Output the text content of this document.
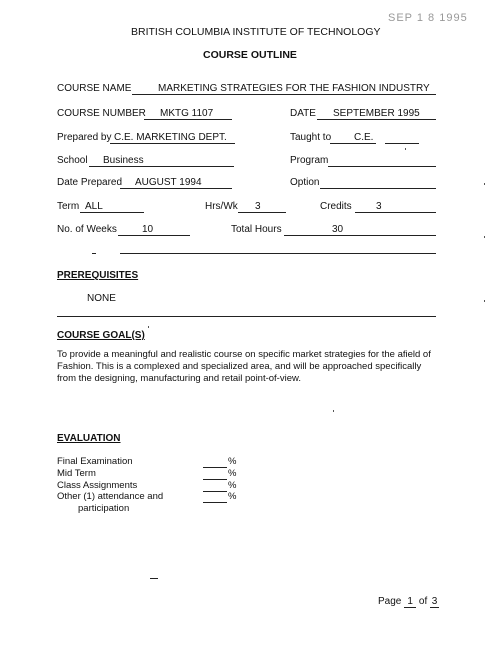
BRITISH COLUMBIA INSTITUTE OF TECHNOLOGY
SEP 1 8 1995
COURSE OUTLINE
COURSE NAME	MARKETING STRATEGIES FOR THE FASHION INDUSTRY
COURSE NUMBER	MKTG 1107	DATE	SEPTEMBER 1995
Prepared by C.E. MARKETING DEPT.	Taught to	C.E.
School	Business	Program
Date Prepared	AUGUST 1994	Option
Term ALL	Hrs/Wk	3	Credits	3
No. of Weeks	10	Total Hours	30
PREREQUISITES
NONE
COURSE GOAL(S)
To provide a meaningful and realistic course on specific market strategies for the afield of Fashion. This is a complexed and specialized area, and will be approached specifically from the designing, manufacturing and retail point-of-view.
EVALUATION
Final Examination	%
Mid Term	%
Class Assignments	%
Other (1) attendance and	%
participation
Page 1 of 3
